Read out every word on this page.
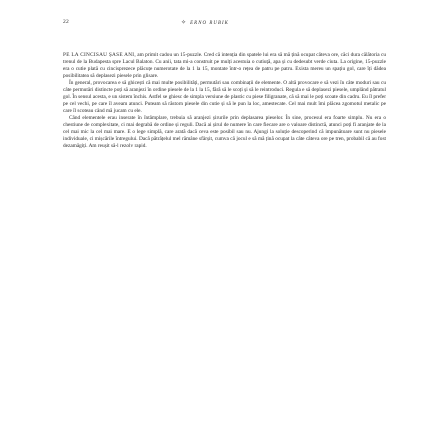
22	✧ ERNO RUBIK

PE LA CINCISAU ȘASE ANI, am primit cadou un 15-puzzle. Cred că intenția din spatele lui era să mă țină ocupat câteva ore, căci dura călătoria cu trenul de la Budapesta spre Lacul Balaton. Cu anii, tata mi-a construit pe mulți acestuia o cutiuță, apa și cu dedesubt verde ciuta. La origine, 15-puzzle era o cutie plată cu cincisprezece plăcuțe numerotate de la 1 la 15, montate într-o rețea de patru pe patru. Exista mereu un spațiu gol, care îți dădea posibilitatea să deplasezi piesele prin glisare.

În general, provocarea e să ghicești că mai multe posibilități, permutări sau combinații de elemente. O altă provocare e să vezi în câte moduri sau cu câte permutări distincte poți să aranjezi în ordine piesele de la 1 la 15, fără să le scoți și să le reintroduci. Regula e să deplasezi piesele, umplând pătratul gol. În sensul acesta, e un sistem închis. Astfel se ghiesc de simpla versiune de plastic cu piese filigranate, că să mai le poți scoate din cadru. Eu îl prefer pe cel vechi, pe care îl aveam atunci. Puteam să răstorn piesele din cutie și să le pun la loc, amestecate. Cel mai mult îmi plăcea zgomotul metalic pe care îl scoteau când mă jucam cu ele.

Când elementele erau inserate în întâmplare, trebuia să aranjezi șirurile prin deplasarea pieselor. În sine, procesul era foarte simplu. Nu era o chestiune de complexitate, ci mai degrabă de ordine și reguli. Dacă ai șirul de numere în care fiecare are o valoare distinctă, atunci poți fi aranjate de la cel mai mic la cel mai mare. E o lege simplă, care arată dacă ceva este posibil sau nu. Ajungi la soluție descoperind că impunătoare sunt nu piesele individuale, ci mișcările întregului. Dacă pătrățelul mel rămâne sfârșit, cumva că jocul e să mă țină ocupat la câte câteva ore pe tren, probabil că au fost dezamăgiți. Am reușit să-l rezolv rapid.
